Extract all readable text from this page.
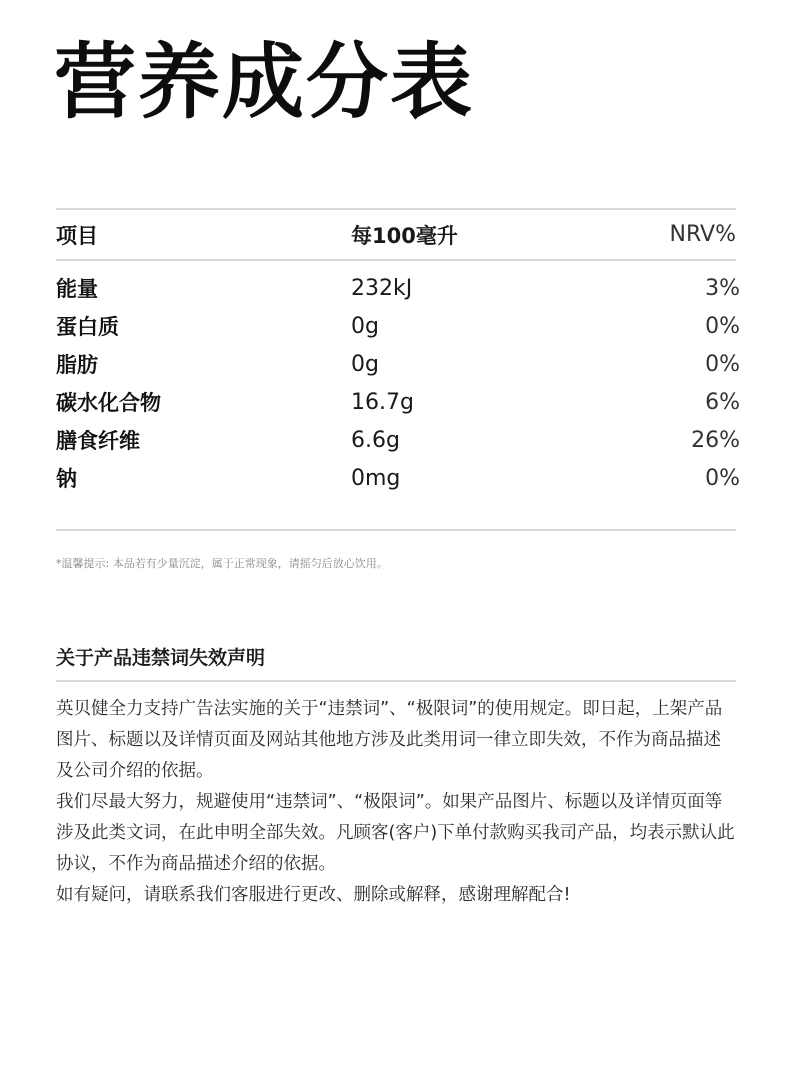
营养成分表
项目	每100毫升	NRV%
能量	232kJ	3%
蛋白质	0g	0%
脂肪	0g	0%
碳水化合物	16.7g	6%
膳食纤维	6.6g	26%
钠	0mg	0%
*温馨提示: 本品若有少量沉淀，属于正常现象，请摇匀后放心饮用。
关于产品违禁词失效声明

英贝健全力支持广告法实施的关于“违禁词”、“极限词”的使用规定。即日起，上架产品图片、标题以及详情页面及网站其他地方涉及此类用词一律立即失效，不作为商品描述及公司介绍的依据。

我们尽最大努力，规避使用“违禁词”、“极限词”。如果产品图片、标题以及详情页面等涉及此类文词，在此申明全部失效。凡顾客(客户)下单付款购买我司产品，均表示默认此协议，不作为商品描述介绍的依据。

如有疑问，请联系我们客服进行更改、删除或解释，感谢理解配合!
